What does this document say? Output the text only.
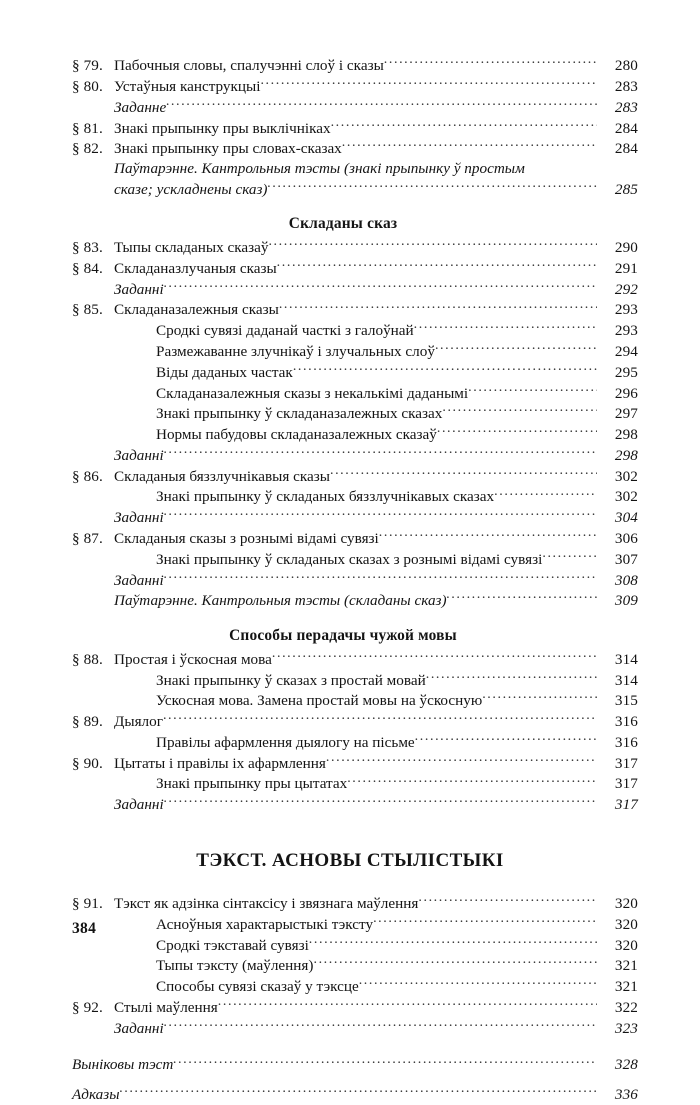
§ 79. Пабочныя словы, спалучэнні слоў і сказы .....	280
§ 80. Устаўныя канструкцыі .....	283
Заданне .....	283
§ 81. Знакі прыпынку пры выклічніках .....	284
§ 82. Знакі прыпынку пры словах-сказах .....	284
Паўтарэнне. Кантрольныя тэсты (знакі прыпынку ў простым
сказе; ускладнены сказ) .....	285
Складаны сказ
§ 83. Тыпы складаных сказаў .....	290
§ 84. Складаназлучаныя сказы .....	291
Заданні .....	292
§ 85. Складаназалежныя сказы .....	293
Сродкі сувязі даданай часткі з галоўнай .....	293
Размежаванне злучнікаў і злучальных слоў .....	294
Віды даданых частак .....	295
Складаназалежныя сказы з некалькімі даданымі .....	296
Знакі прыпынку ў складаназалежных сказах .....	297
Нормы пабудовы складаназалежных сказаў .....	298
Заданні .....	298
§ 86. Складаныя бяззлучнікавыя сказы .....	302
Знакі прыпынку ў складаных бяззлучнікавых сказах .....	302
Заданні .....	304
§ 87. Складаныя сказы з рознымі відамі сувязі .....	306
Знакі прыпынку ў складаных сказах з рознымі відамі сувязі .....	307
Заданні .....	308
Паўтарэнне. Кантрольныя тэсты (складаны сказ) .....	309
Способы перадачы чужой мовы
§ 88. Простая і ўскосная мова .....	314
Знакі прыпынку ў сказах з простай мовай .....	314
Ускосная мова. Замена простай мовы на ўскосную .....	315
§ 89. Дыялог .....	316
Правілы афармлення дыялогу на пісьме .....	316
§ 90. Цытаты і правілы іх афармлення .....	317
Знакі прыпынку пры цытатах .....	317
Заданні .....	317
ТЭКСТ. АСНОВЫ СТЫЛІСТЫКІ
§ 91. Тэкст як адзінка сінтаксісу і звязнага маўлення .....	320
Асноўныя характарыстыкі тэксту .....	320
Сродкі тэкставай сувязі .....	320
Тыпы тэксту (маўлення) .....	321
Способы сувязі сказаў у тэксце .....	321
§ 92. Стылі маўлення .....	322
Заданні .....	323
Выніковы тэст .....	328
Адказы .....	336
384
